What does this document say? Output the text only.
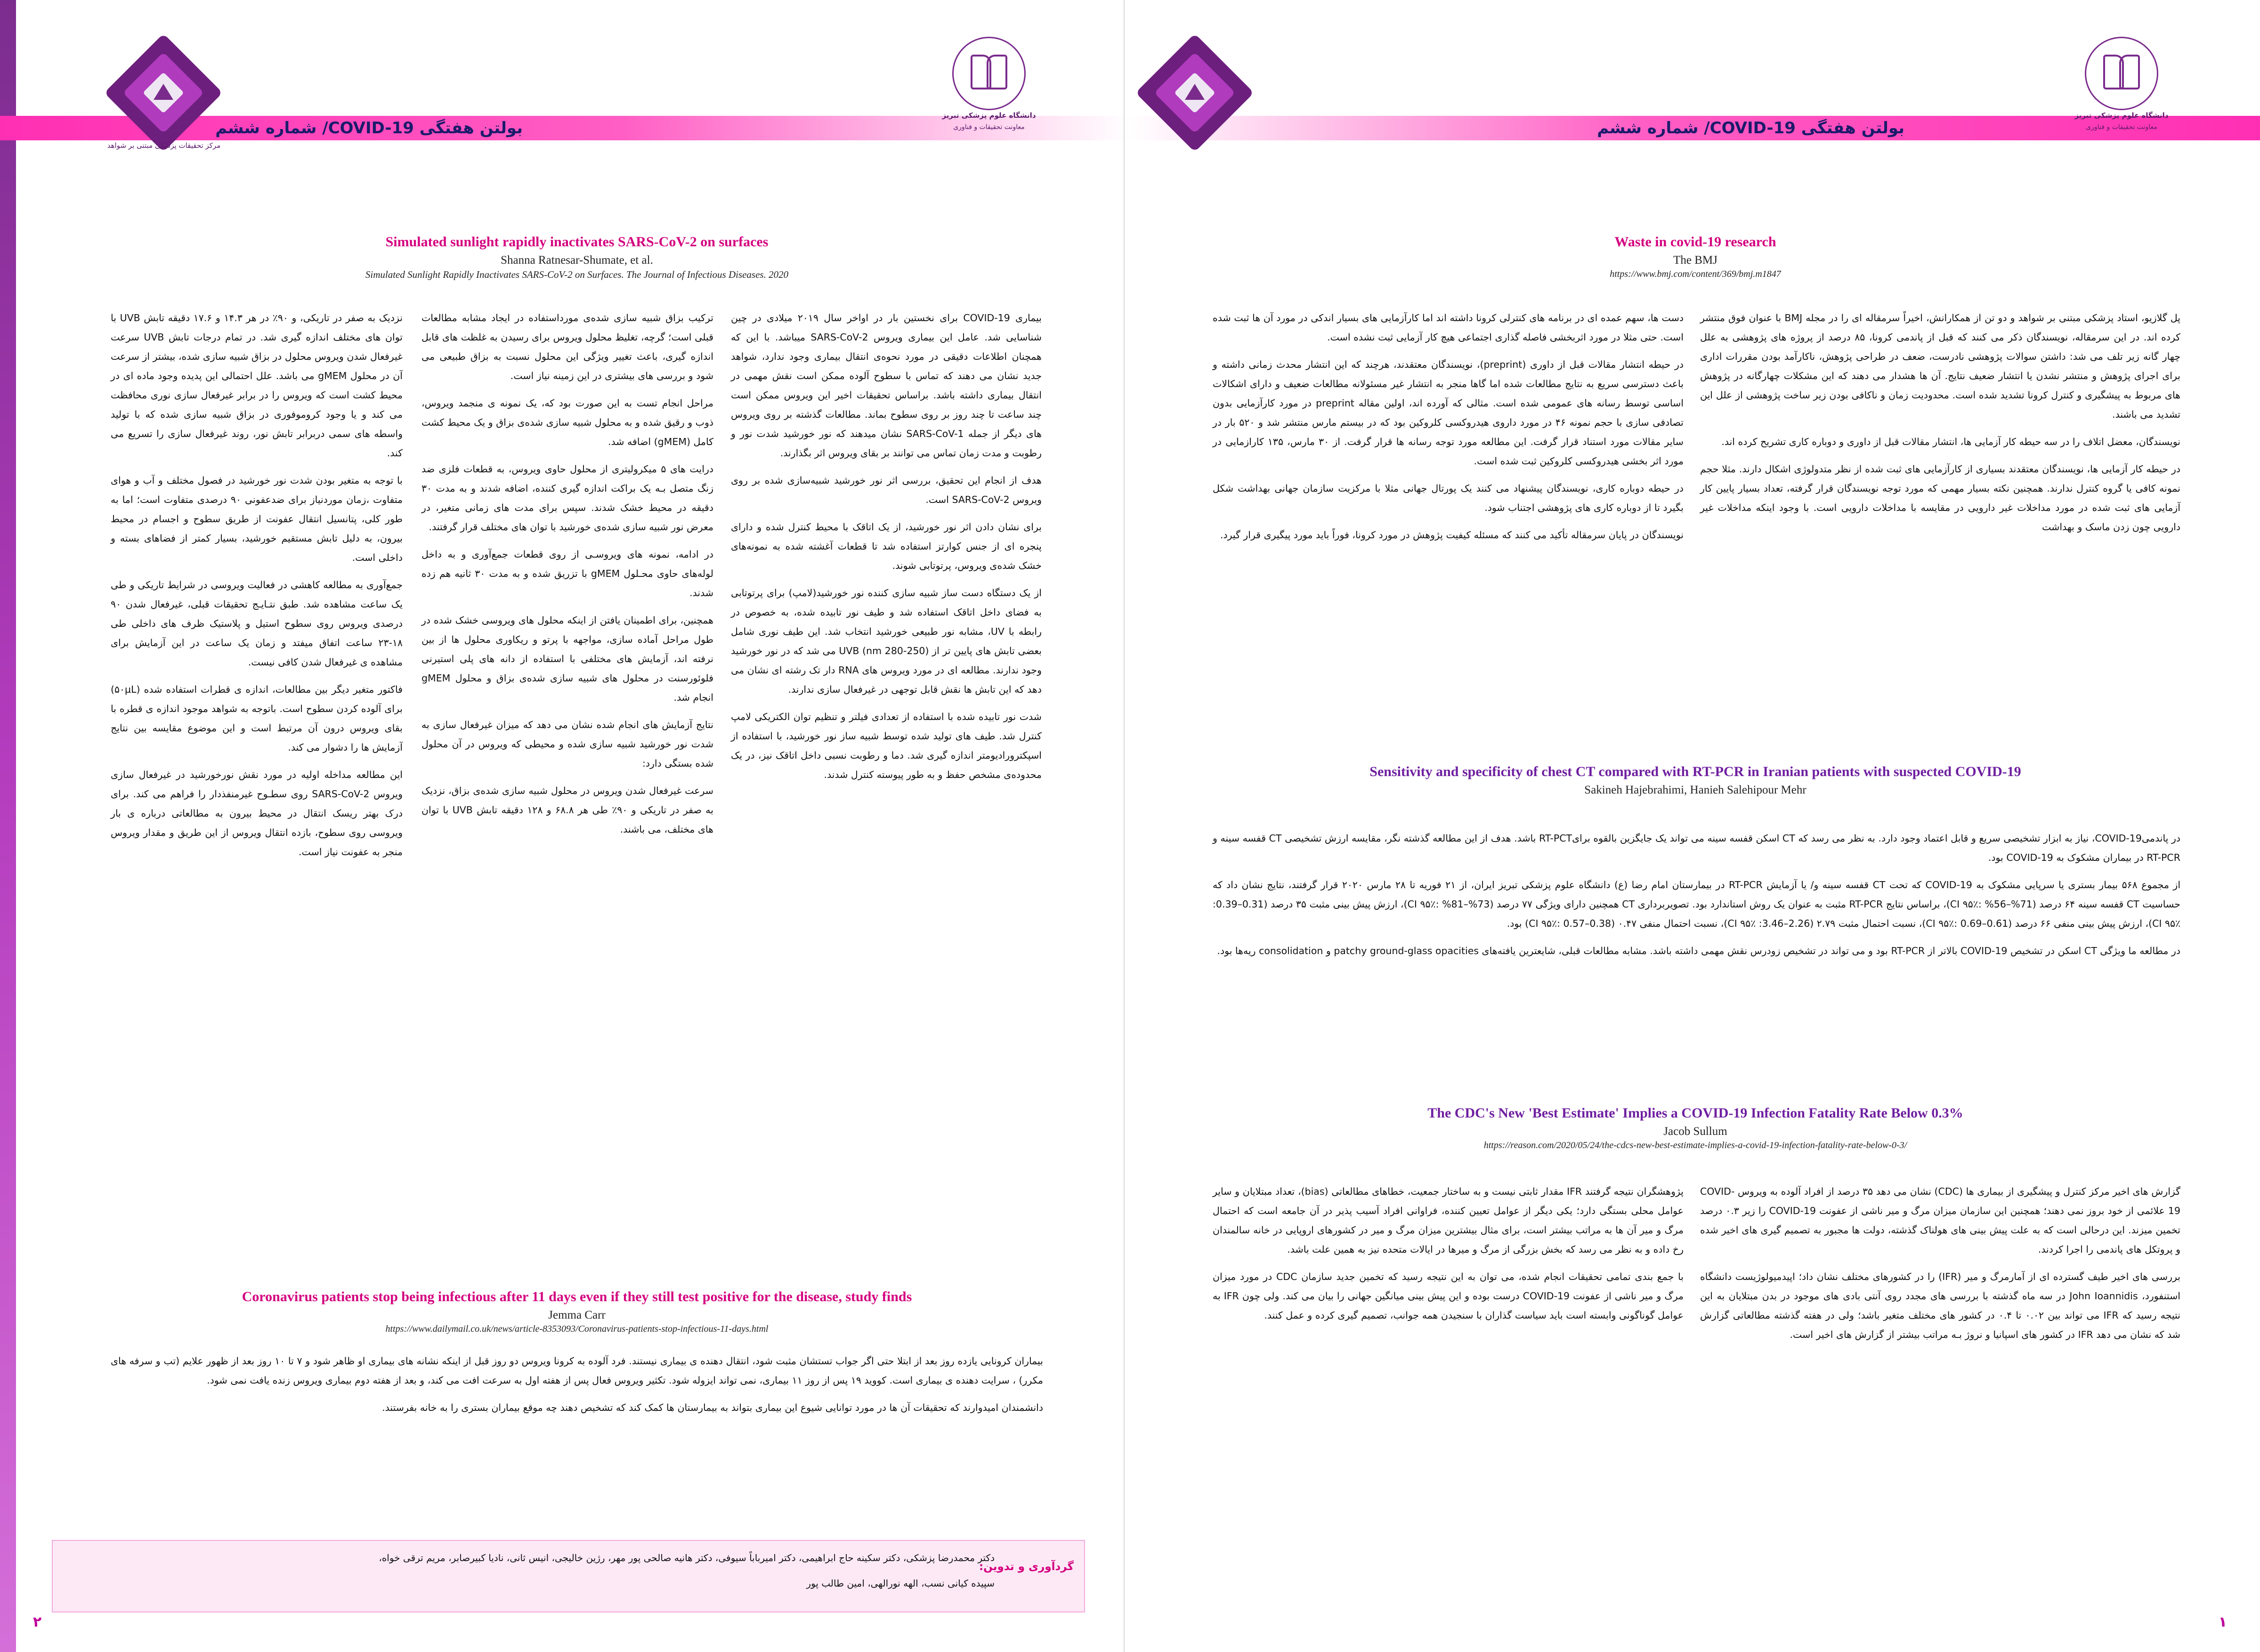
مرکز تحقیقات پزشکی مبتنی بر شواهد
بولتن هفتگی COVID-19/ شماره ششم
دانشگاه علوم پزشکی تبریز
معاونت تحقیقات و فناوری
Simulated sunlight rapidly inactivates SARS-CoV-2 on surfaces
Shanna Ratnesar-Shumate, et al.
Simulated Sunlight Rapidly Inactivates SARS-CoV-2 on Surfaces. The Journal of Infectious Diseases. 2020

بیماری COVID-19 برای نخستین بار در اواخر سال ۲۰۱۹ میلادی در چین شناسایی شد. عامل این بیماری ویروس SARS-CoV-2 میباشد. با این که همچنان اطلاعات دقیقی در مورد نحوه‌ی انتقال بیماری وجود ندارد، شواهد جدید نشان می دهند که تماس با سطوح آلوده ممکن است نقش مهمی در انتقال بیماری داشته باشد. براساس تحقیقات اخیر این ویروس ممکن است چند ساعت تا چند روز بر روی سطوح بماند. مطالعات گذشته بر روی ویروس های دیگر از جمله SARS-CoV-1 نشان میدهند که نور خورشید شدت نور و رطوبت و مدت زمان تماس می توانند بر بقای ویروس اثر بگذارند.

هدف از انجام این تحقیق، بررسی اثر نور خورشید شبیه‌سازی شده بر روی ویروس SARS-CoV-2 است.

برای نشان دادن اثر نور خورشید، از یک اتاقک با محیط کنترل شده و دارای پنجره ای از جنس کوارتز استفاده شد تا قطعات آغشته شده به نمونه‌های خشک شده‌ی ویروس، پرتوتابی شوند.

از یک دستگاه دست ساز شبیه سازی کننده نور خورشید(لامپ) برای پرتوتابی به فضای داخل اتاقک استفاده شد و طیف نور تابیده شده، به خصوص در رابطه با UV، مشابه نور طبیعی خورشید انتخاب شد. این طیف نوری شامل بعضی تابش های پایین تر از (250-280 nm) UVB می شد که در نور خورشید وجود ندارند. مطالعه ای در مورد ویروس های RNA دار تک رشته ای نشان می دهد که این تابش ها نقش قابل توجهی در غیرفعال سازی ندارند.

شدت نور تابیده شده با استفاده از تعدادی فیلتر و تنظیم توان الکتریکی لامپ کنترل شد. طیف های تولید شده توسط شبیه ساز نور خورشید، با استفاده از اسپکترورادیومتر اندازه گیری شد. دما و رطوبت نسبی داخل اتاقک نیز، در یک محدوده‌ی مشخص حفظ و به طور پیوسته کنترل شدند.

ترکیب بزاق شبیه سازی شده‌ی مورداستفاده در ایجاد مشابه مطالعات قبلی است؛ گرچه، تغلیظ محلول ویروس برای رسیدن به غلظت های قابل اندازه گیری، باعث تغییر ویژگی این محلول نسبت به بزاق طبیعی می شود و بررسی های بیشتری در این زمینه نیاز است.

مراحل انجام تست به این صورت بود که، یک نمونه ی منجمد ویروس، ذوب و رقیق شده و به محلول شبیه سازی شده‌ی بزاق و یک محیط کشت کامل (gMEM) اضافه شد.

درایت های ۵ میکرولیتری از محلول حاوی ویروس، به قطعات فلزی ضد زنگ متصل بـه یک براکت اندازه گیری کننده، اضافه شدند و به مدت ۳۰ دقیقه در محیط خشک شدند. سپس برای مدت های زمانی متغیر، در معرض نور شبیه سازی شده‌ی خورشید با توان های مختلف قرار گرفتند.

در ادامه، نمونه های ویروسـی از روی قطعات جمع‌آوری و به داخل لوله‌های حاوی محـلول gMEM با تزریق شده و به مدت ۳۰ ثانیه هم زده شدند.

همچنین، برای اطمینان یافتن از اینکه محلول های ویروسی خشک شده در طول مراحل آماده سازی، مواجهه با پرتو و ریکاوری محلول ها از بین نرفته اند، آزمایش های مختلفی با استفاده از دانه های پلی استیرنی فلوئورسنت در محلول های شبیه سازی شده‌ی بزاق و محلول gMEM انجام شد.

نتایج آزمایش های انجام شده نشان می دهد که میزان غیرفعال سازی به شدت نور خورشید شبیه سازی شده و محیطی که ویروس در آن محلول شده بستگی دارد:

سرعت غیرفعال شدن ویروس در محلول شبیه سازی شده‌ی بزاق، نزدیک به صفر در تاریکی و ۹۰٪ طی هر ۶۸.۸ و ۱۲۸ دقیقه تابش UVB با توان های مختلف، می باشند.

نزدیک به صفر در تاریکی، و ۹۰٪ در هر ۱۴.۳ و ۱۷.۶ دقیقه تابش UVB با توان های مختلف اندازه گیری شد. در تمام درجات تابش UVB سرعت غیرفعال شدن ویروس محلول در بزاق شبیه سازی شده، بیشتر از سرعت آن در محلول gMEM می باشد. علل احتمالی این پدیده وجود ماده ای در محیط کشت است که ویروس را در برابر غیرفعال سازی نوری محافظت می کند و یا وجود کروموفورى در بزاق شبیه سازی شده که با تولید واسطه های سمی دربرابر تابش نور، روند غیرفعال سازی را تسریع می کند.

با توجه به متغیر بودن شدت نور خورشید در فصول مختلف و آب و هوای متفاوت ،زمان موردنیاز برای ضدعفونی ۹۰ درصدی متفاوت است؛ اما به طور کلی، پتانسیل انتقال عفونت از طریق سطوح و اجسام در محیط بیرون، به دلیل تابش مستقیم خورشید، بسیار کمتر از فضاهای بسته و داخلی است.

جمع‌آوری به مطالعه کاهشی در فعالیت ویروسی در شرایط تاریکی و طی یک ساعت مشاهده شد. طبق نتـایـج تحقیقات قبلی، غیرفعال شدن ۹۰ درصدی ویروس روی سطوح استیل و پلاستیک ظرف های داخلی طی ۱۸-۲۳ ساعت اتفاق میفتد و زمان یک ساعت در این آزمایش برای مشاهده ی غیرفعال شدن کافی نیست.

فاکتور متغیر دیگر بین مطالعات، اندازه ی قطرات استفاده شده (۵۰µL) برای آلوده کردن سطوح است. باتوجه به شواهد موجود اندازه ی قطره با بقای ویروس درون آن مرتبط است و این موضوع مقایسه بین نتایج آزمایش ها را دشوار می کند.

این مطالعه مداخله اولیه در مورد نقش نورخورشید در غیرفعال سازی ویروس SARS-CoV-2 روی سطـوح غیرمنفذدار را فراهم می کند. برای درک بهتر ریسک انتقال در محیط بیرون به مطالعاتی درباره ی بار ویروسی روی سطوح، بازده انتقال ویروس از این طریق و مقدار ویروس منجر به عفونت نیاز است.

Coronavirus patients stop being infectious after 11 days even if they still test positive for the disease, study finds
Jemma Carr
https://www.dailymail.co.uk/news/article-8353093/Coronavirus-patients-stop-infectious-11-days.html

بیماران کرونایی یازده روز بعد از ابتلا حتی اگر جواب تستشان مثبت شود، انتقال دهنده ی بیماری نیستند. فرد آلوده به کرونا ویروس دو روز قبل از اینکه نشانه های بیماری او ظاهر شود و ۷ تا ۱۰ روز بعد از ظهور علایم (تب و سرفه های مکرر) ، سرایت دهنده ی بیماری است. کووید ۱۹ پس از روز ۱۱ بیماری، نمی تواند ایزوله شود. تکثیر ویروس فعال پس از هفته اول به سرعت افت می کند، و بعد از هفته دوم بیماری ویروس زنده یافت نمی شود.

دانشمندان امیدوارند که تحقیقات آن ها در مورد توانایی شیوع این بیماری بتواند به بیمارستان ها کمک کند که تشخیص دهند چه موقع بیماران بستری را به خانه بفرستند.

گردآوری و تدوین:
دکتر محمدرضا پزشکی، دکتر سکینه حاج ابراهیمی، دکتر امیرباباً سیوفی، دکتر هانیه صالحی پور مهر، رژین خالیجی، انیس ثانی، نادیا کبیرصابر، مریم ترقی خواه،
سپیده کیانی نسب، الهه نورالهی، امین طالب پور
۲
بولتن هفتگی COVID-19/ شماره ششم
دانشگاه علوم پزشکی تبریز
معاونت تحقیقات و فناوری
Waste in covid-19 research
The BMJ
https://www.bmj.com/content/369/bmj.m1847

پل گلازیو، استاد پزشکی مبتنی بر شواهد و دو تن از همکارانش، اخیراً سرمقاله ای را در مجله BMJ با عنوان فوق منتشر کرده اند. در این سرمقاله، نویسندگان ذکر می کنند که قبل از پاندمی کرونا، ۸۵ درصد از پروژه های پژوهشی به علل چهار گانه زیر تلف می شد: داشتن سوالات پژوهشی نادرست، ضعف در طراحی پژوهش، ناکارآمد بودن مقررات اداری برای اجرای پژوهش و منتشر نشدن یا انتشار ضعیف نتایج. آن ها هشدار می دهند که این مشکلات چهارگانه در پژوهش های مربوط به پیشگیری و کنترل کرونا تشدید شده است. محدودیت زمان و ناکافی بودن زیر ساخت پژوهشی از علل این تشدید می باشند.

نویسندگان، معضل اتلاف را در سه حیطه کار آزمایی ها، انتشار مقالات قبل از داوری و دوباره کاری تشریح کرده اند.

در حیطه کار آزمایی ها، نویسندگان معتقدند بسیاری از کارآزمایی های ثبت شده از نظر متدولوژی اشکال دارند. مثلا حجم نمونه کافی یا گروه کنترل ندارند. همچنین نکته بسیار مهمی که مورد توجه نویسندگان قرار گرفته، تعداد بسیار پایین کار آزمایی های ثبت شده در مورد مداخلات غیر دارویی در مقایسه با مداخلات دارویی است. با وجود اینکه مداخلات غیر دارویی چون زدن ماسک و بهداشت

دست ها، سهم عمده ای در برنامه های کنترلی کرونا داشته اند اما کارآزمایی های بسیار اندکی در مورد آن ها ثبت شده است. حتی مثلا در مورد اثربخشی فاصله گذاری اجتماعی هیچ کار آزمایی ثبت نشده است.

در حیطه انتشار مقالات قبل از داوری (preprint)، نویسندگان معتقدند، هرچند که این انتشار محدث زمانی داشته و باعث دسترسی سریع به نتایج مطالعات شده اما گاها منجر به انتشار غیر مسئولانه مطالعات ضعیف و دارای اشکالات اساسی توسط رسانه های عمومی شده است. مثالی که آورده اند، اولین مقاله preprint در مورد کارآزمایی بدون تصادفی سازی با حجم نمونه ۴۶ در مورد داروی هیدروکسی کلروکین بود که در بیستم مارس منتشر شد و ۵۲۰ بار در سایر مقالات مورد استناد قرار گرفت. این مطالعه مورد توجه رسانه ها قرار گرفت. از ۳۰ مارس، ۱۳۵ کارازمایی در مورد اثر بخشی هیدروکسی کلروکین ثبت شده است.

در حیطه دوباره کاری، نویسندگان پیشنهاد می کنند یک پورتال جهانی مثلا با مرکزیت سازمان جهانی بهداشت شکل بگیرد تا از دوباره کاری های پژوهشی اجتناب شود.

نویسندگان در پایان سرمقاله تأکید می کنند که مسئله کیفیت پژوهش در مورد کرونا، فوراً باید مورد پیگیری قرار گیرد.

Sensitivity and specificity of chest CT compared with RT-PCR in Iranian patients with suspected COVID-19
Sakineh Hajebrahimi, Hanieh Salehipour Mehr

در پاندمیCOVID-19، نیاز به ابزار تشخیصی سریع و قابل اعتماد وجود دارد. به نظر می رسد که CT اسکن قفسه سینه می تواند یک جایگزین بالقوه برایRT-PCT باشد. هدف از این مطالعه گذشته نگر، مقایسه ارزش تشخیصی CT قفسه سینه و RT-PCR در بیماران مشکوک به COVID-19 بود.

از مجموع ۵۶۸ بیمار بستری یا سرپایی مشکوک به COVID-19 که تحت CT قفسه سینه و/ یا آزمایش RT-PCR در بیمارستان امام رضا (ع) دانشگاه علوم پزشکی تبریز ایران، از ۲۱ فوریه تا ۲۸ مارس ۲۰۲۰ قرار گرفتند، نتایج نشان داد که حساسیت CT قفسه سینه ۶۴ درصد (71%–56% :CI ۹۵٪)، براساس نتایج RT-PCR مثبت به عنوان یک روش استاندارد بود. تصویربرداری CT همچنین دارای ویژگی ۷۷ درصد (73%–81% :CI ۹۵٪)، ارزش پیش بینی مثبت ۳۵ درصد (0.31–0.39: CI ۹۵٪)، ارزش پیش بینی منفی ۶۶ درصد (0.61–0.69 :CI ۹۵٪)، نسبت احتمال مثبت ۲.۷۹ (2.26–3.46: CI ۹۵٪)، نسبت احتمال منفی ۰.۴۷ (0.38–0.57 :CI ۹۵٪) بود.

در مطالعه ما ویژگی CT اسکن در تشخیص COVID-19 بالاتر از RT-PCR بود و می تواند در تشخیص زودرس نقش مهمی داشته باشد. مشابه مطالعات قبلی، شایعترین یافته‌های patchy ground-glass opacities و consolidation ریه‌ها بود.

The CDC's New 'Best Estimate' Implies a COVID-19 Infection Fatality Rate Below 0.3%
Jacob Sullum
https://reason.com/2020/05/24/the-cdcs-new-best-estimate-implies-a-covid-19-infection-fatality-rate-below-0-3/

گزارش های اخیر مرکز کنترل و پیشگیری از بیماری ها (CDC) نشان می دهد ۳۵ درصد از افراد آلوده به ویروس COVID-19 علائمی از خود بروز نمی دهند؛ همچنین این سازمان میزان مرگ و میر ناشی از عفونت COVID-19 را زیر ۰.۳ درصد تخمین میزند. این درحالی است که به علت پیش بینی های هولناک گذشته، دولت ها مجبور به تصمیم گیری های اخیر شده و پروتکل های پاندمی را اجرا کردند.

بررسی های اخیر طیف گسترده ای از آمارمرگ و میر (IFR) را در کشورهای مختلف نشان داد؛ اپیدمیولوژیست دانشگاه استنفورد، John Ioannidis در سه ماه گذشته با بررسی های مجدد روی آنتی بادی های موجود در بدن مبتلایان به این نتیجه رسید که IFR می تواند بین ۰.۰۲ تا ۰.۴ در کشور های مختلف متغیر باشد؛ ولی در هفته گذشته مطالعاتی گزارش شد که نشان می دهد IFR در کشور های اسپانیا و نروژ بـه مراتب بیشتر از گزارش های اخیر است.

پژوهشگران نتیجه گرفتند IFR مقدار ثابتی نیست و به ساختار جمعیت، خطاهای مطالعاتی (bias)، تعداد مبتلایان و سایر عوامل محلی بستگی دارد؛ یکی دیگر از عوامل تعیین کننده، فراوانی افراد آسیب پذیر در آن جامعه است که احتمال مرگ و میر آن ها به مراتب بیشتر است، برای مثال بیشترین میزان مرگ و میر در کشورهای اروپایی در خانه سالمندان رخ داده و به نظر می رسد که بخش بزرگی از مرگ و میرها در ایالات متحده نیز به همین علت باشد.

با جمع بندی تمامی تحقیقات انجام شده، می توان به این نتیجه رسید که تخمین جدید سازمان CDC در مورد میزان مرگ و میر ناشی از عفونت COVID-19 درست بوده و این پیش بینی میانگین جهانی را بیان می کند. ولی چون IFR به عوامل گوناگونی وابسته است باید سیاست گذاران با سنجیدن همه جوانب، تصمیم گیری کرده و عمل کنند.

۱
